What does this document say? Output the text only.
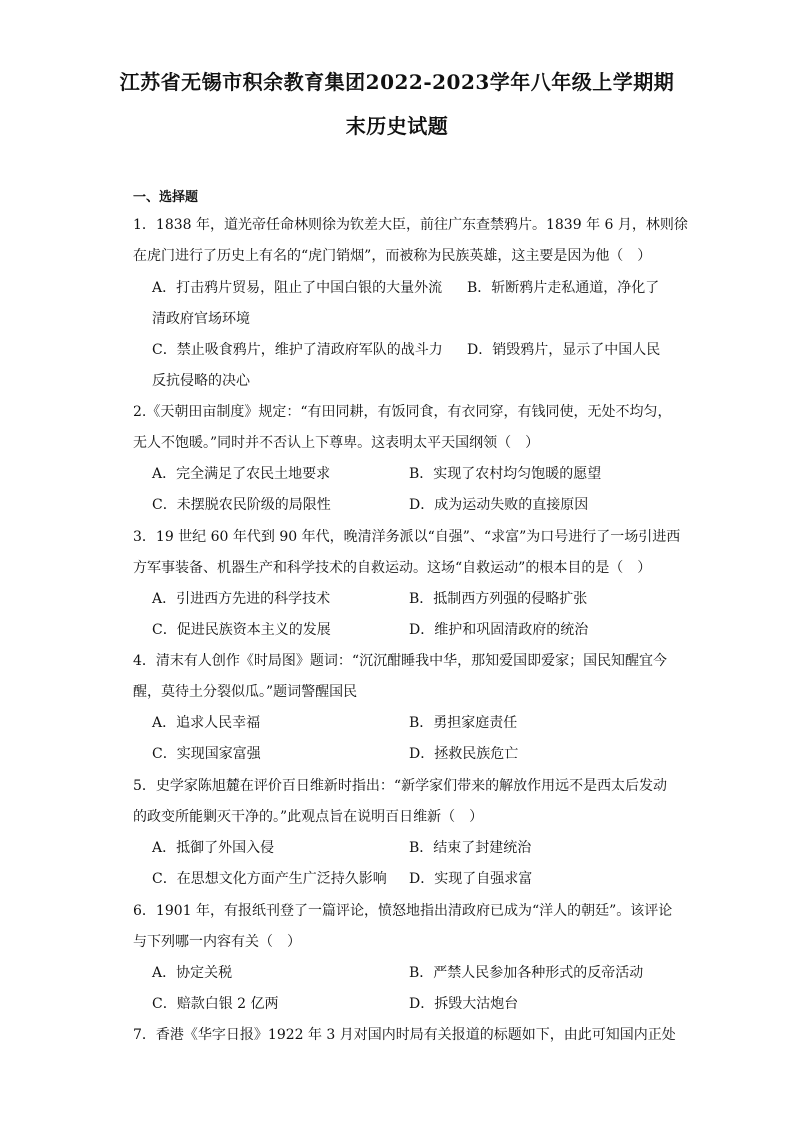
江苏省无锡市积余教育集团2022-2023学年八年级上学期期
末历史试题
一、选择题
1．1838 年，道光帝任命林则徐为钦差大臣，前往广东查禁鸦片。1839 年 6 月，林则徐
在虎门进行了历史上有名的“虎门销烟”，而被称为民族英雄，这主要是因为他（　）
A．打击鸦片贸易，阻止了中国白银的大量外流 B．斩断鸦片走私通道，净化了
清政府官场环境
C．禁止吸食鸦片，维护了清政府军队的战斗力 D．销毁鸦片，显示了中国人民
反抗侵略的决心
2.《天朝田亩制度》规定：“有田同耕，有饭同食，有衣同穿，有钱同使，无处不均匀，
无人不饱暖。”同时并不否认上下尊卑。这表明太平天国纲领（　）
A．完全满足了农民土地要求	B．实现了农村均匀饱暖的愿望
C．未摆脱农民阶级的局限性	D．成为运动失败的直接原因
3．19 世纪 60 年代到 90 年代，晚清洋务派以“自强”、“求富”为口号进行了一场引进西
方军事装备、机器生产和科学技术的自救运动。这场“自救运动”的根本目的是（　）
A．引进西方先进的科学技术	B．抵制西方列强的侵略扩张
C．促进民族资本主义的发展	D．维护和巩固清政府的统治
4．清末有人创作《时局图》题词：“沉沉酣睡我中华，那知爱国即爱家；国民知醒宜今
醒，莫待土分裂似瓜。”题词警醒国民
A．追求人民幸福	B．勇担家庭责任
C．实现国家富强	D．拯救民族危亡
5．史学家陈旭麓在评价百日维新时指出：“新学家们带来的解放作用远不是西太后发动
的政变所能剿灭干净的。”此观点旨在说明百日维新（　）
A．抵御了外国入侵	B．结束了封建统治
C．在思想文化方面产生广泛持久影响 D．实现了自强求富
6．1901 年，有报纸刊登了一篇评论，愤怒地指出清政府已成为“洋人的朝廷”。该评论
与下列哪一内容有关（　）
A．协定关税	B．严禁人民参加各种形式的反帝活动
C．赔款白银 2 亿两	D．拆毁大沽炮台
7．香港《华字日报》1922 年 3 月对国内时局有关报道的标题如下，由此可知国内正处
